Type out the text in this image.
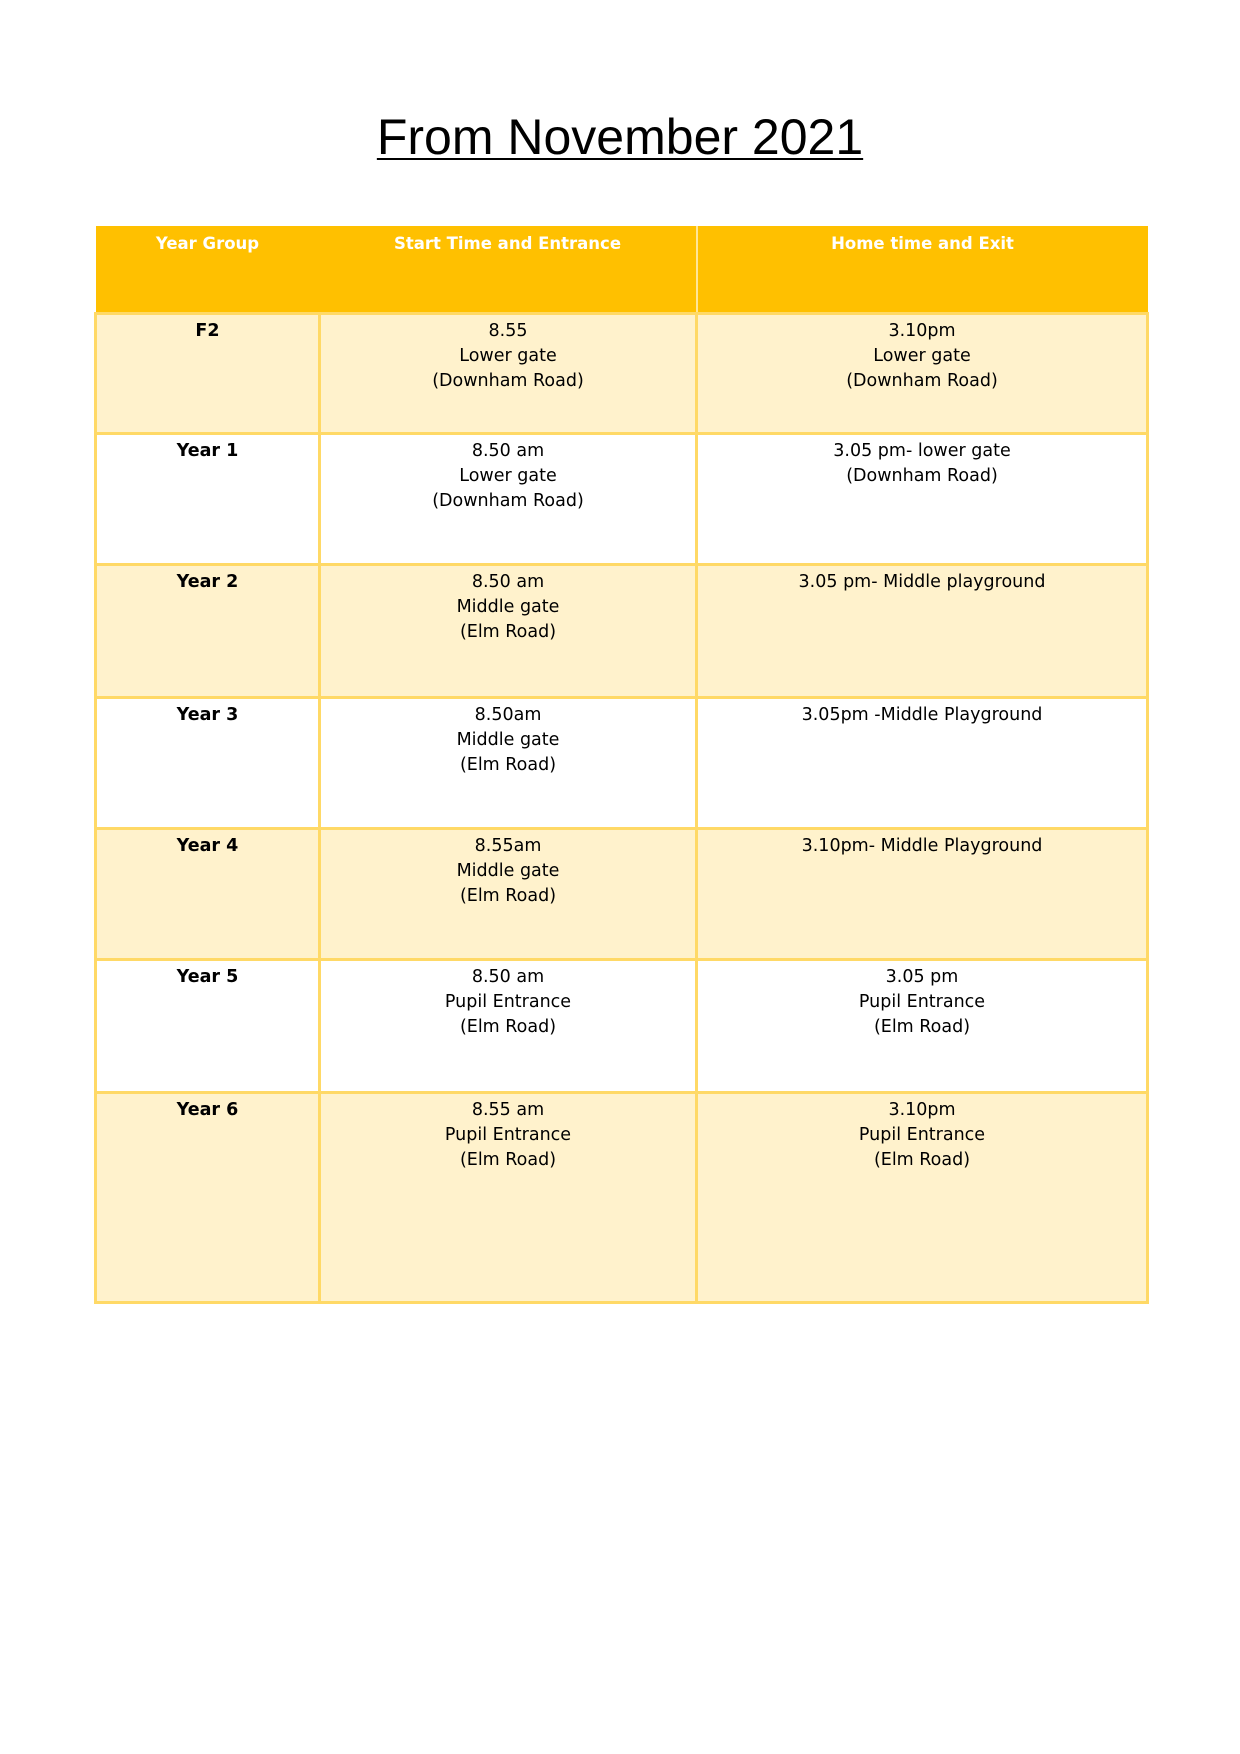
From November 2021
Year Group	Start Time and Entrance	Home time and Exit
F2	8.55
Lower gate
(Downham Road)	3.10pm
Lower gate
(Downham Road)

Year 1	8.50 am
Lower gate
(Downham Road)	3.05 pm- lower gate
(Downham Road)

Year 2	8.50 am
Middle gate
(Elm Road)	3.05 pm- Middle playground

Year 3	8.50am
Middle gate
(Elm Road)	3.05pm -Middle Playground

Year 4	8.55am
Middle gate
(Elm Road)	3.10pm- Middle Playground

Year 5	8.50 am
Pupil Entrance
(Elm Road)	3.05 pm
Pupil Entrance
(Elm Road)

Year 6	8.55 am
Pupil Entrance
(Elm Road)	3.10pm
Pupil Entrance
(Elm Road)
